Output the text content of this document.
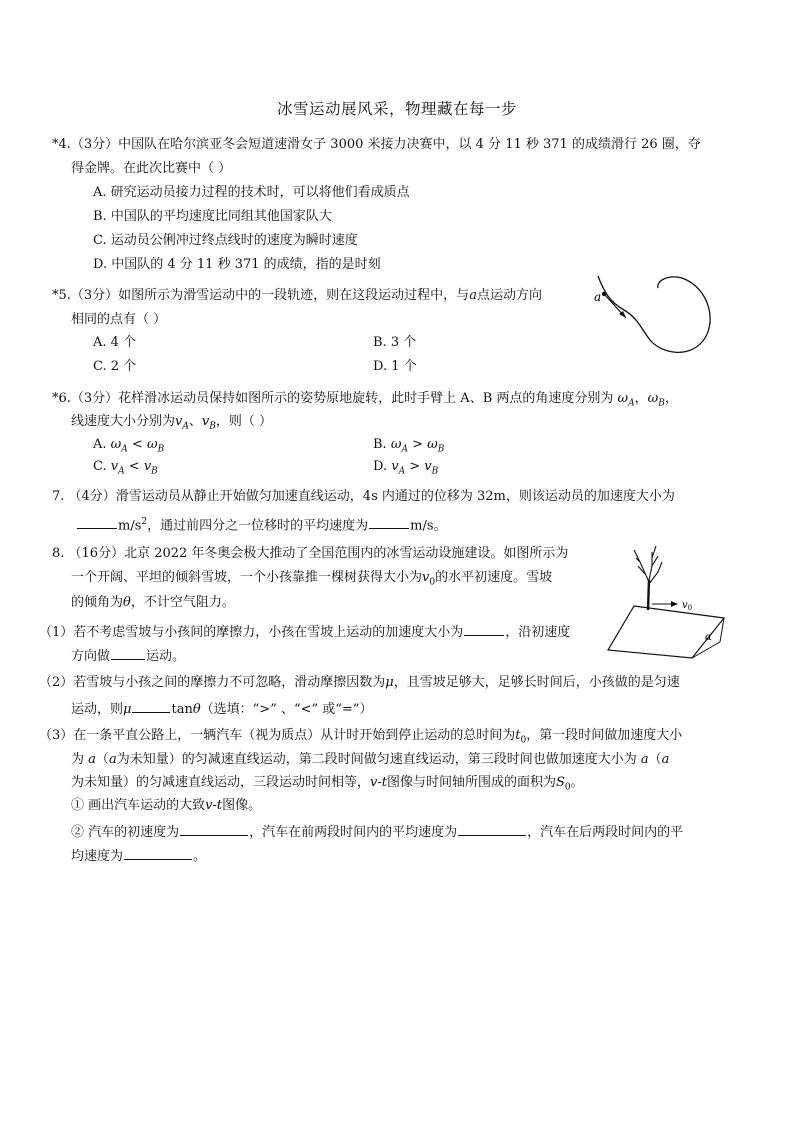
冰雪运动展风采，物理藏在每一步
*4.（3分）中国队在哈尔滨亚冬会短道速滑女子 3000 米接力决赛中，以 4 分 11 秒 371 的成绩滑行 26 圈，夺
得金牌。在此次比赛中（ ）
A. 研究运动员接力过程的技术时，可以将他们看成质点
B. 中国队的平均速度比同组其他国家队大
C. 运动员公俐冲过终点线时的速度为瞬时速度
D. 中国队的 4 分 11 秒 371 的成绩，指的是时刻
*5.（3分）如图所示为滑雪运动中的一段轨迹，则在这段运动过程中，与a点运动方向
相同的点有（ ）
A. 4 个	B. 3 个
C. 2 个	D. 1 个
a
*6.（3分）花样滑冰运动员保持如图所示的姿势原地旋转，此时手臂上 A、B 两点的角速度分别为 $\omega_A$，$\omega_B$，
线速度大小分别为$v_A$、$v_B$，则（ ）
A. $\omega_A < \omega_B$	B. $\omega_A > \omega_B$
C. $v_A < v_B$	D. $v_A > v_B$
7. （4分）滑雪运动员从静止开始做匀加速直线运动，4s 内通过的位移为 32m，则该运动员的加速度大小为
$m/s^2$，通过前四分之一位移时的平均速度为	m/s。
8. （16分）北京 2022 年冬奥会极大推动了全国范围内的冰雪运动设施建设。如图所示为
一个开阔、平坦的倾斜雪坡，一个小孩靠推一棵树获得大小为$v_0$的水平初速度。雪坡
的倾角为θ，不计空气阻力。
（1）若不考虑雪坡与小孩间的摩擦力，小孩在雪坡上运动的加速度大小为	，沿初速度
方向做	运动。
（2）若雪坡与小孩之间的摩擦力不可忽略，滑动摩擦因数为μ，且雪坡足够大，足够长时间后，小孩做的是匀速
运动，则μ	tanθ（选填：“>” 、“<” 或“=”）
（3）在一条平直公路上，一辆汽车（视为质点）从计时开始到停止运动的总时间为$t_0$，第一段时间做加速度大小
为 a（a为未知量）的匀减速直线运动，第二段时间做匀速直线运动，第三段时间也做加速度大小为 a（a
为未知量）的匀减速直线运动，三段运动时间相等，v-t图像与时间轴所围成的面积为$S_0$。
① 画出汽车运动的大致v-t图像。
② 汽车的初速度为	，汽车在前两段时间内的平均速度为	，汽车在后两段时间内的平
均速度为	。
α
$v_0$
